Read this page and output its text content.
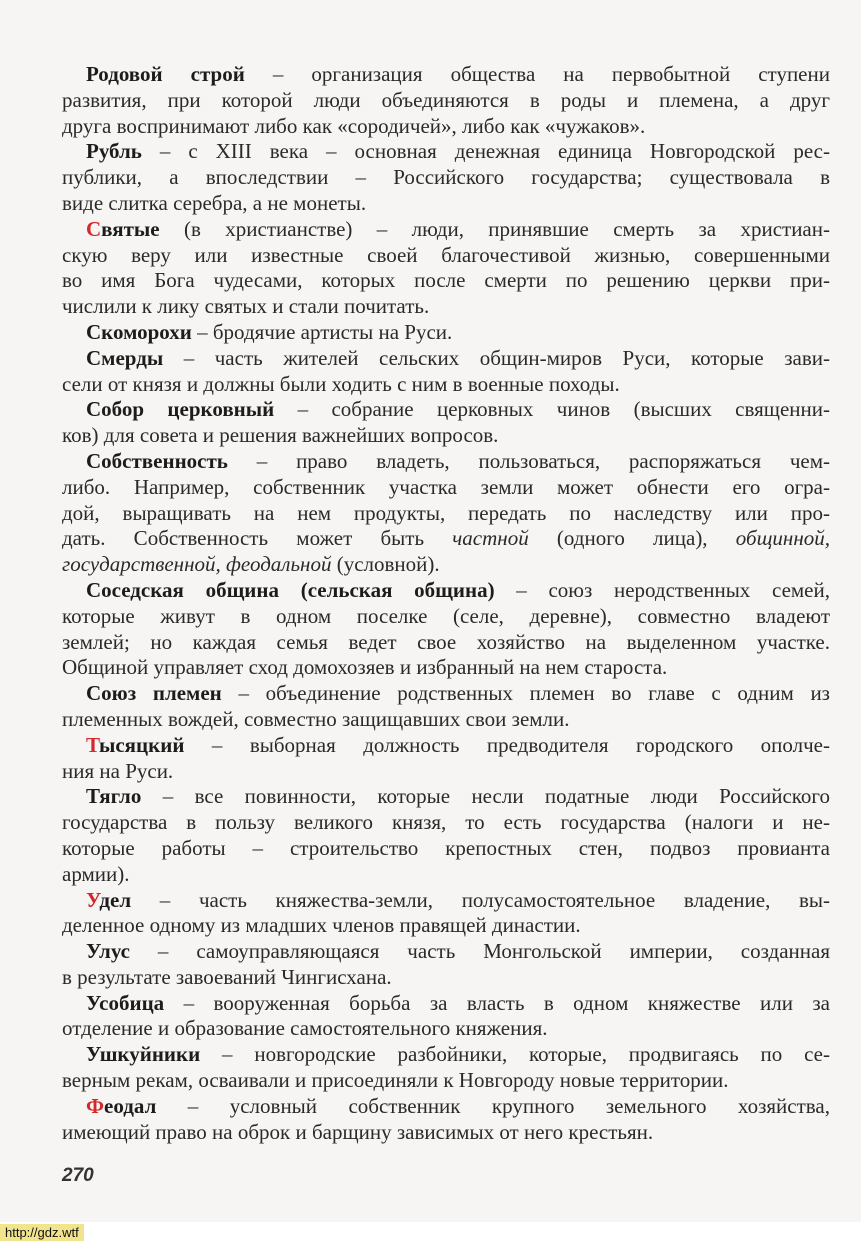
Родовой строй – организация общества на первобытной ступени
развития, при которой люди объединяются в роды и племена, а друг
друга воспринимают либо как «сородичей», либо как «чужаков».
Рубль – с XIII века – основная денежная единица Новгородской рес-
публики, а впоследствии – Российского государства; существовала в
виде слитка серебра, а не монеты.
Святые (в христианстве) – люди, принявшие смерть за христиан-
скую веру или известные своей благочестивой жизнью, совершенными
во имя Бога чудесами, которых после смерти по решению церкви при-
числили к лику святых и стали почитать.
Скоморохи – бродячие артисты на Руси.
Смерды – часть жителей сельских общин-миров Руси, которые зави-
сели от князя и должны были ходить с ним в военные походы.
Собор церковный – собрание церковных чинов (высших священни-
ков) для совета и решения важнейших вопросов.
Собственность – право владеть, пользоваться, распоряжаться чем-
либо. Например, собственник участка земли может обнести его огра-
дой, выращивать на нем продукты, передать по наследству или про-
дать. Собственность может быть частной (одного лица), общинной,
государственной, феодальной (условной).
Соседская община (сельская община) – союз неродственных семей,
которые живут в одном поселке (селе, деревне), совместно владеют
землей; но каждая семья ведет свое хозяйство на выделенном участке.
Общиной управляет сход домохозяев и избранный на нем староста.
Союз племен – объединение родственных племен во главе с одним из
племенных вождей, совместно защищавших свои земли.
Тысяцкий – выборная должность предводителя городского ополче-
ния на Руси.
Тягло – все повинности, которые несли податные люди Российского
государства в пользу великого князя, то есть государства (налоги и не-
которые работы – строительство крепостных стен, подвоз провианта
армии).
Удел – часть княжества-земли, полусамостоятельное владение, вы-
деленное одному из младших членов правящей династии.
Улус – самоуправляющаяся часть Монгольской империи, созданная
в результате завоеваний Чингисхана.
Усобица – вооруженная борьба за власть в одном княжестве или за
отделение и образование самостоятельного княжения.
Ушкуйники – новгородские разбойники, которые, продвигаясь по се-
верным рекам, осваивали и присоединяли к Новгороду новые территории.
Феодал – условный собственник крупного земельного хозяйства,
имеющий право на оброк и барщину зависимых от него крестьян.
270
http://gdz.wtf
